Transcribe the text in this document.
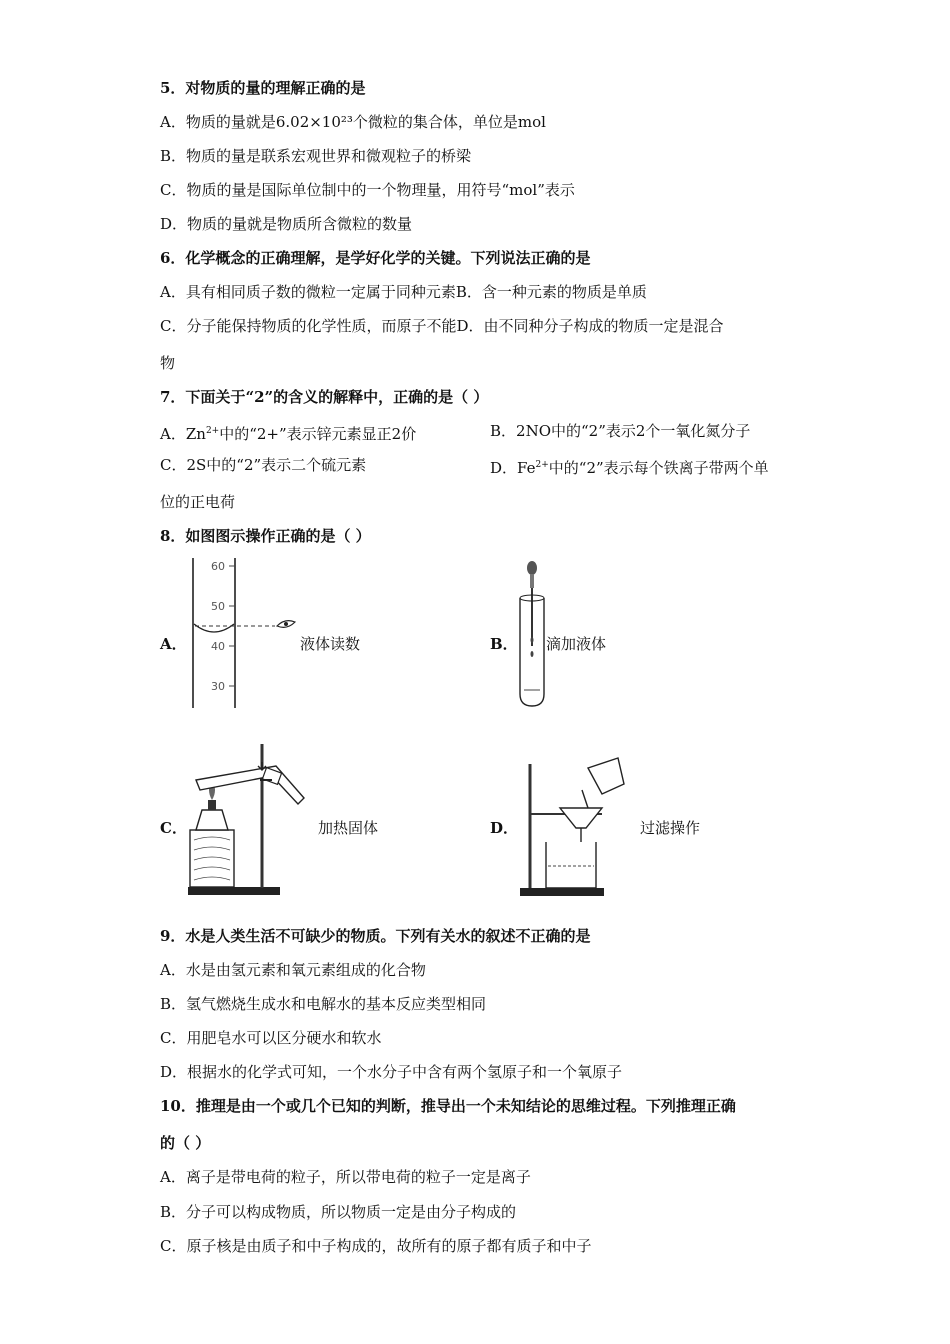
5．对物质的量的理解正确的是
A．物质的量就是6.02×10²³个微粒的集合体，单位是mol
B．物质的量是联系宏观世界和微观粒子的桥梁
C．物质的量是国际单位制中的一个物理量，用符号“mol”表示
D．物质的量就是物质所含微粒的数量
6．化学概念的正确理解，是学好化学的关键。下列说法正确的是
A．具有相同质子数的微粒一定属于同种元素B．含一种元素的物质是单质
C．分子能保持物质的化学性质，而原子不能D．由不同种分子构成的物质一定是混合
物
7．下面关于“2”的含义的解释中，正确的是（ ）
A．$Zn^{2+}$中的“2+”表示锌元素显正2价	B．2NO中的“2”表示2个一氧化氮分子
C．2S中的“2”表示二个硫元素	D．$Fe^{2+}$中的“2”表示每个铁离子带两个单
位的正电荷
8．如图图示操作正确的是（ ）
A．
60
50
40
30
液体读数	B． 滴加液体
C．	加热固体	D．	过滤操作
9．水是人类生活不可缺少的物质。下列有关水的叙述不正确的是
A．水是由氢元素和氧元素组成的化合物
B．氢气燃烧生成水和电解水的基本反应类型相同
C．用肥皂水可以区分硬水和软水
D．根据水的化学式可知，一个水分子中含有两个氢原子和一个氧原子
10．推理是由一个或几个已知的判断，推导出一个未知结论的思维过程。下列推理正确
的（ ）
A．离子是带电荷的粒子，所以带电荷的粒子一定是离子
B．分子可以构成物质，所以物质一定是由分子构成的
C．原子核是由质子和中子构成的，故所有的原子都有质子和中子
